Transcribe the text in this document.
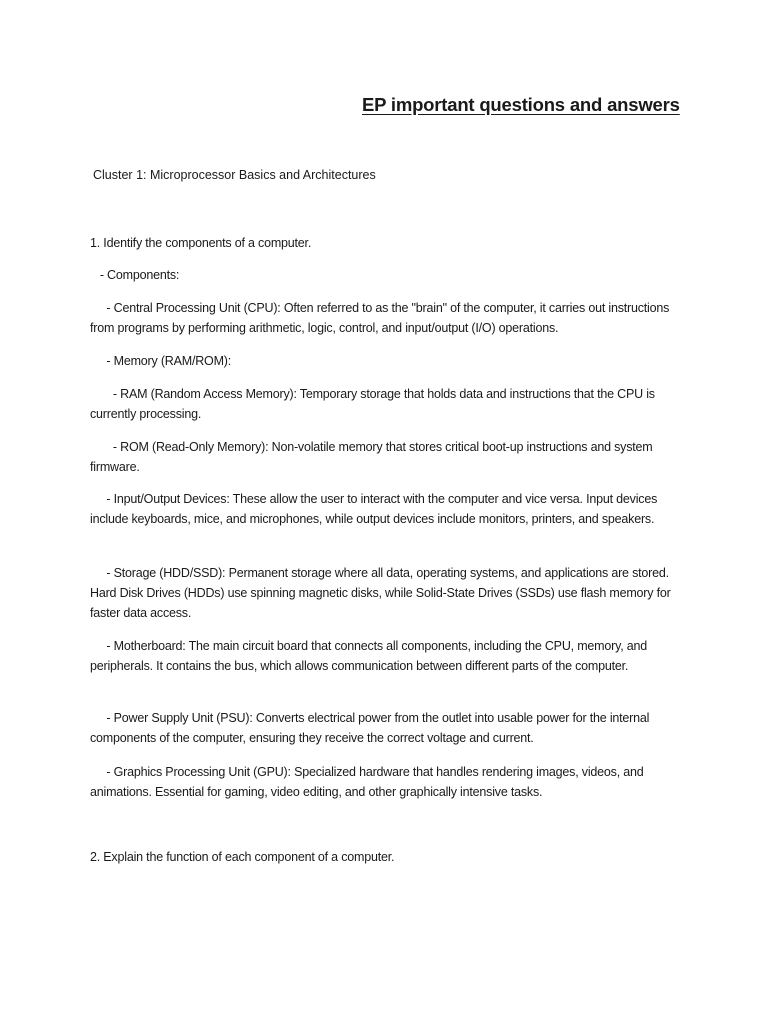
EP important questions and answers
Cluster 1: Microprocessor Basics and Architectures

1. Identify the components of a computer.

- Components:

- Central Processing Unit (CPU): Often referred to as the "brain" of the computer, it carries out instructions from programs by performing arithmetic, logic, control, and input/output (I/O) operations.

- Memory (RAM/ROM):

- RAM (Random Access Memory): Temporary storage that holds data and instructions that the CPU is currently processing.

- ROM (Read-Only Memory): Non-volatile memory that stores critical boot-up instructions and system firmware.

- Input/Output Devices: These allow the user to interact with the computer and vice versa. Input devices include keyboards, mice, and microphones, while output devices include monitors, printers, and speakers.

- Storage (HDD/SSD): Permanent storage where all data, operating systems, and applications are stored. Hard Disk Drives (HDDs) use spinning magnetic disks, while Solid-State Drives (SSDs) use flash memory for faster data access.

- Motherboard: The main circuit board that connects all components, including the CPU, memory, and peripherals. It contains the bus, which allows communication between different parts of the computer.

- Power Supply Unit (PSU): Converts electrical power from the outlet into usable power for the internal components of the computer, ensuring they receive the correct voltage and current.

- Graphics Processing Unit (GPU): Specialized hardware that handles rendering images, videos, and animations. Essential for gaming, video editing, and other graphically intensive tasks.

2. Explain the function of each component of a computer.
